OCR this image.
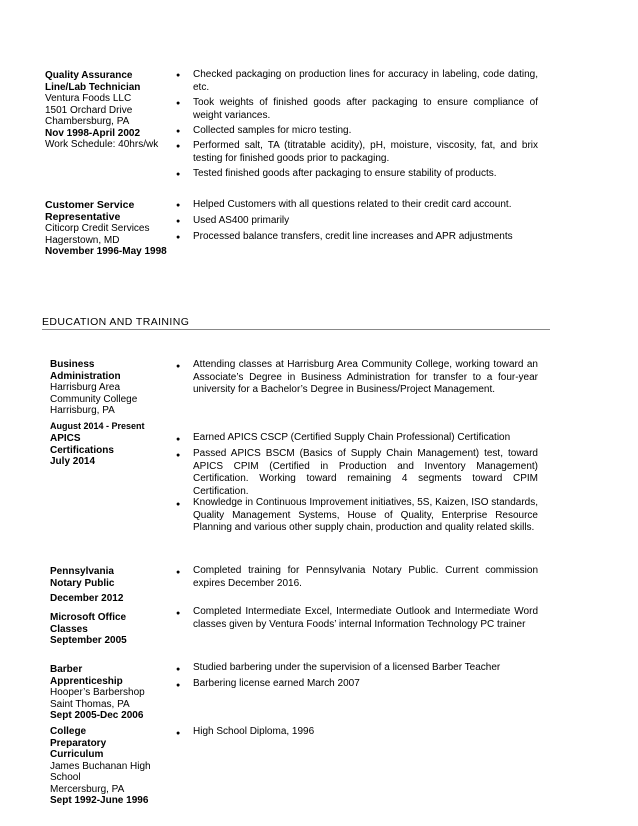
Quality Assurance Line/Lab Technician
Ventura Foods LLC
1501 Orchard Drive
Chambersburg, PA
Nov 1998-April 2002
Work Schedule: 40hrs/wk
Checked packaging on production lines for accuracy in labeling, code dating, etc.
Took weights of finished goods after packaging to ensure compliance of weight variances.
Collected samples for micro testing.
Performed salt, TA (titratable acidity), pH, moisture, viscosity, fat, and brix testing for finished goods prior to packaging.
Tested finished goods after packaging to ensure stability of products.
Customer Service Representative
Citicorp Credit Services
Hagerstown, MD
November 1996-May 1998
Helped Customers with all questions related to their credit card account.
Used AS400 primarily
Processed balance transfers, credit line increases and APR adjustments
EDUCATION AND TRAINING
Business Administration
Harrisburg Area
Community College
Harrisburg, PA
August 2014 - Present
Attending classes at Harrisburg Area Community College, working toward an Associate’s Degree in Business Administration for transfer to a four-year university for a Bachelor’s Degree in Business/Project Management.
APICS Certifications
July 2014
Earned APICS CSCP (Certified Supply Chain Professional) Certification
Passed APICS BSCM (Basics of Supply Chain Management) test, toward APICS CPIM (Certified in Production and Inventory Management) Certification. Working toward remaining 4 segments toward CPIM Certification.
Knowledge in Continuous Improvement initiatives, 5S, Kaizen, ISO standards, Quality Management Systems, House of Quality, Enterprise Resource Planning and various other supply chain, production and quality related skills.
Pennsylvania Notary Public
December 2012
Completed training for Pennsylvania Notary Public. Current commission expires December 2016.
Microsoft Office Classes
September 2005
Completed Intermediate Excel, Intermediate Outlook and Intermediate Word classes given by Ventura Foods’ internal Information Technology PC trainer
Barber Apprenticeship
Hooper’s Barbershop
Saint Thomas, PA
Sept 2005-Dec 2006
Studied barbering under the supervision of a licensed Barber Teacher
Barbering license earned March 2007
College Preparatory Curriculum
James Buchanan High
School
Mercersburg, PA
Sept 1992-June 1996
High School Diploma, 1996
